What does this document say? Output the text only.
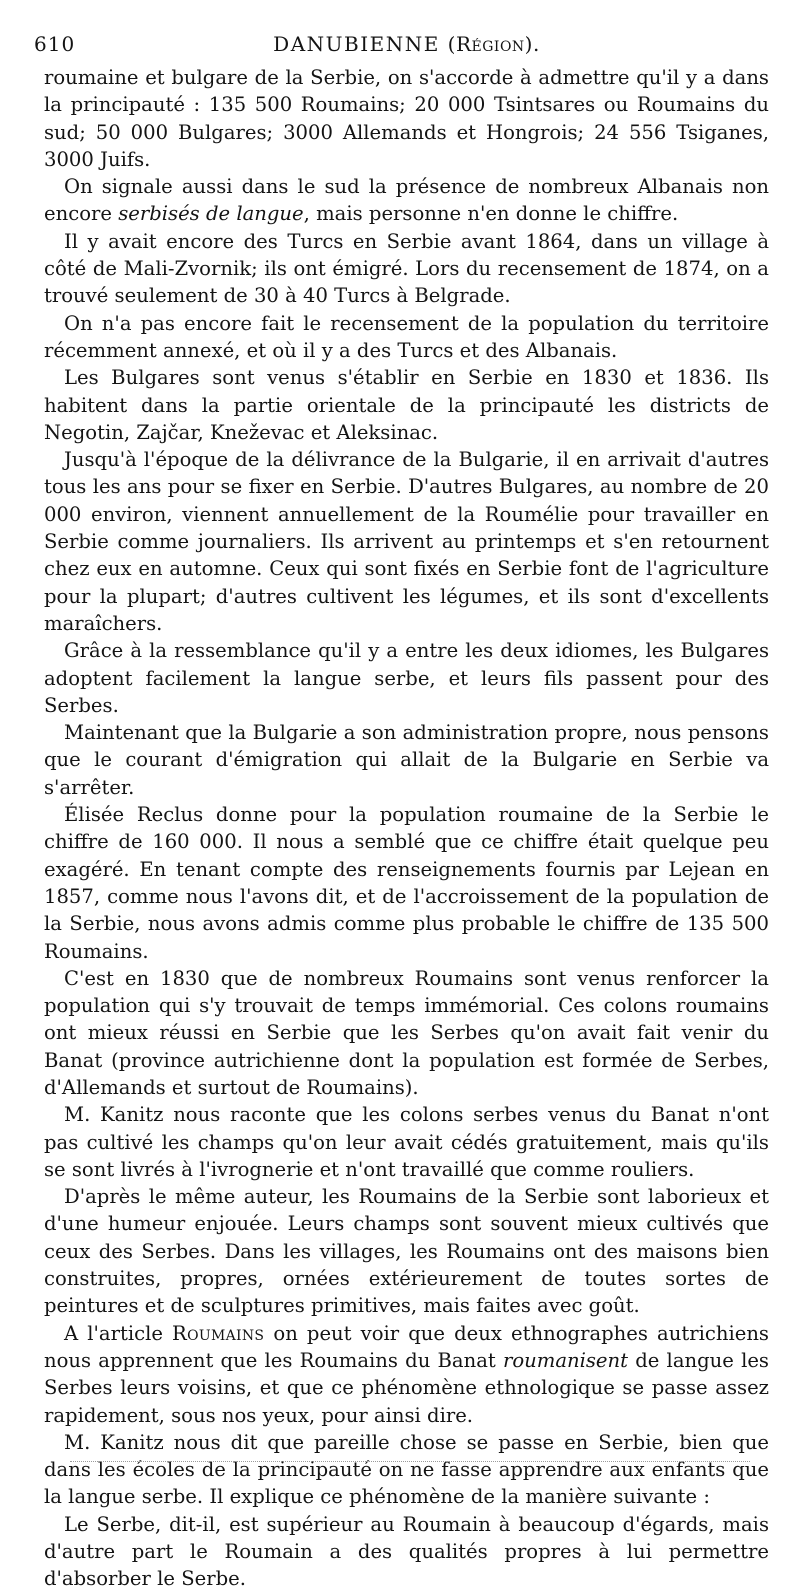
610	DANUBIENNE (Région).

roumaine et bulgare de la Serbie, on s'accorde à admettre qu'il y a dans la principauté : 135 500 Roumains; 20 000 Tsintsares ou Roumains du sud; 50 000 Bulgares; 3000 Allemands et Hongrois; 24 556 Tsiganes, 3000 Juifs.

On signale aussi dans le sud la présence de nombreux Albanais non encore serbisés de langue, mais personne n'en donne le chiffre.

Il y avait encore des Turcs en Serbie avant 1864, dans un village à côté de Mali-Zvornik; ils ont émigré. Lors du recensement de 1874, on a trouvé seulement de 30 à 40 Turcs à Belgrade.

On n'a pas encore fait le recensement de la population du territoire récemment annexé, et où il y a des Turcs et des Albanais.

Les Bulgares sont venus s'établir en Serbie en 1830 et 1836. Ils habitent dans la partie orientale de la principauté les districts de Negotin, Zajčar, Kneževac et Aleksinac.

Jusqu'à l'époque de la délivrance de la Bulgarie, il en arrivait d'autres tous les ans pour se fixer en Serbie. D'autres Bulgares, au nombre de 20 000 environ, viennent annuellement de la Roumélie pour travailler en Serbie comme journaliers. Ils arrivent au printemps et s'en retournent chez eux en automne. Ceux qui sont fixés en Serbie font de l'agriculture pour la plupart; d'autres cultivent les légumes, et ils sont d'excellents maraîchers.

Grâce à la ressemblance qu'il y a entre les deux idiomes, les Bulgares adoptent facilement la langue serbe, et leurs fils passent pour des Serbes.

Maintenant que la Bulgarie a son administration propre, nous pensons que le courant d'émigration qui allait de la Bulgarie en Serbie va s'arrêter.

Élisée Reclus donne pour la population roumaine de la Serbie le chiffre de 160 000. Il nous a semblé que ce chiffre était quelque peu exagéré. En tenant compte des renseignements fournis par Lejean en 1857, comme nous l'avons dit, et de l'accroissement de la population de la Serbie, nous avons admis comme plus probable le chiffre de 135 500 Roumains.

C'est en 1830 que de nombreux Roumains sont venus renforcer la population qui s'y trouvait de temps immémorial. Ces colons roumains ont mieux réussi en Serbie que les Serbes qu'on avait fait venir du Banat (province autrichienne dont la population est formée de Serbes, d'Allemands et surtout de Roumains).

M. Kanitz nous raconte que les colons serbes venus du Banat n'ont pas cultivé les champs qu'on leur avait cédés gratuitement, mais qu'ils se sont livrés à l'ivrognerie et n'ont travaillé que comme rouliers.

D'après le même auteur, les Roumains de la Serbie sont laborieux et d'une humeur enjouée. Leurs champs sont souvent mieux cultivés que ceux des Serbes. Dans les villages, les Roumains ont des maisons bien construites, propres, ornées extérieurement de toutes sortes de peintures et de sculptures primitives, mais faites avec goût.

A l'article Roumains on peut voir que deux ethnographes autrichiens nous apprennent que les Roumains du Banat roumanisent de langue les Serbes leurs voisins, et que ce phénomène ethnologique se passe assez rapidement, sous nos yeux, pour ainsi dire.

M. Kanitz nous dit que pareille chose se passe en Serbie, bien que dans les écoles de la principauté on ne fasse apprendre aux enfants que la langue serbe. Il explique ce phénomène de la manière suivante :

Le Serbe, dit-il, est supérieur au Roumain à beaucoup d'égards, mais d'autre part le Roumain a des qualités propres à lui permettre d'absorber le Serbe.
